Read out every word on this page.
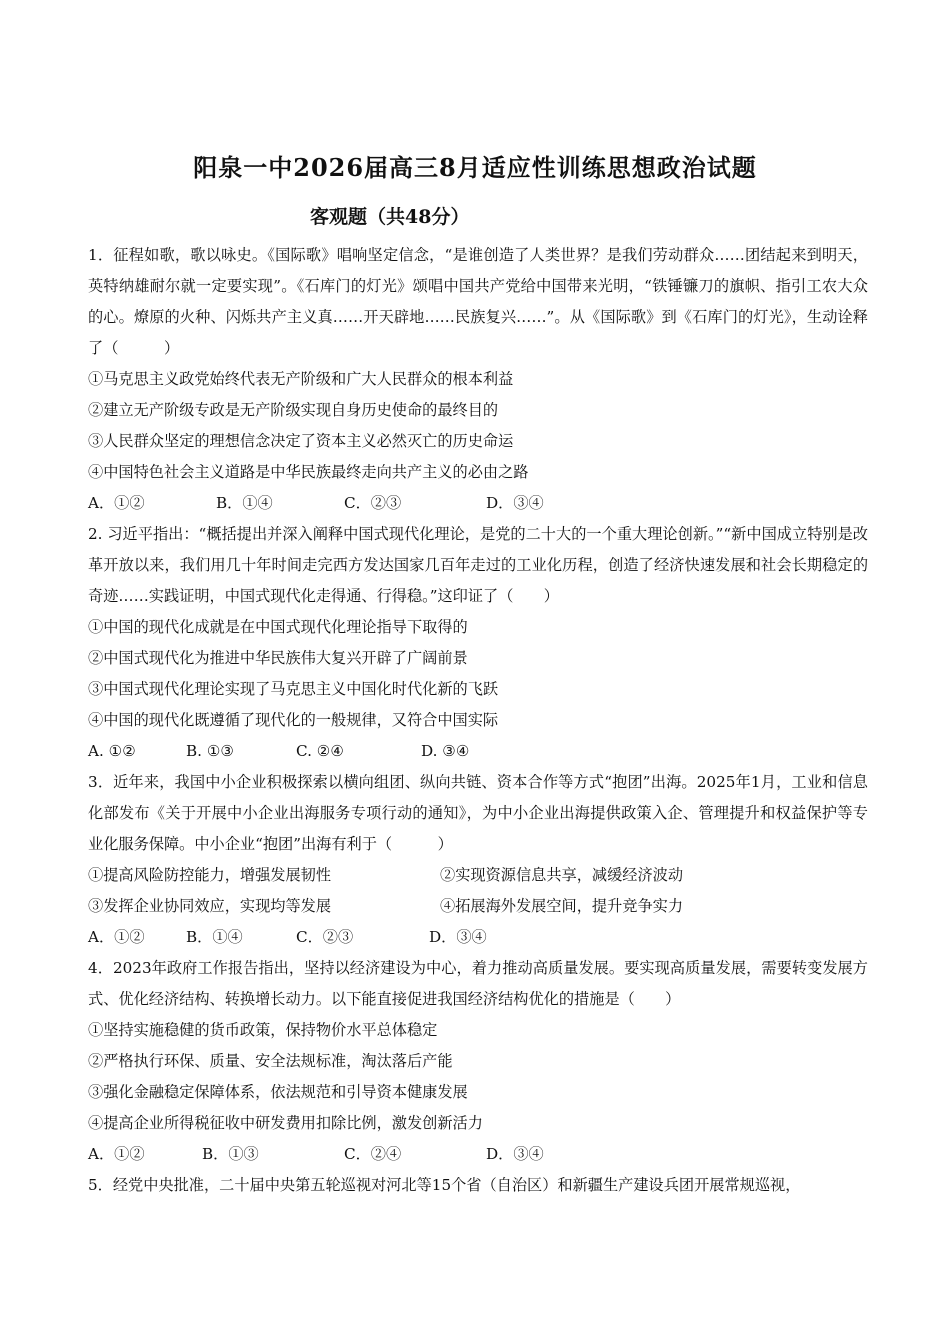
阳泉一中2026届高三8月适应性训练思想政治试题
客观题（共48分）

1．征程如歌，歌以咏史。《国际歌》唱响坚定信念，“是谁创造了人类世界？是我们劳动群众……团结起来到明天，英特纳雄耐尔就一定要实现”。《石库门的灯光》颂唱中国共产党给中国带来光明，“铁锤镰刀的旗帜、指引工农大众的心。燎原的火种、闪烁共产主义真……开天辟地……民族复兴……”。从《国际歌》到《石库门的灯光》，生动诠释了（　　　）

①马克思主义政党始终代表无产阶级和广大人民群众的根本利益

②建立无产阶级专政是无产阶级实现自身历史使命的最终目的

③人民群众坚定的理想信念决定了资本主义必然灭亡的历史命运

④中国特色社会主义道路是中华民族最终走向共产主义的必由之路

A．①②	B．①④	C．②③	D．③④

2. 习近平指出：“概括提出并深入阐释中国式现代化理论，是党的二十大的一个重大理论创新。”“新中国成立特别是改革开放以来，我们用几十年时间走完西方发达国家几百年走过的工业化历程，创造了经济快速发展和社会长期稳定的奇迹……实践证明，中国式现代化走得通、行得稳。”这印证了（　　）

①中国的现代化成就是在中国式现代化理论指导下取得的

②中国式现代化为推进中华民族伟大复兴开辟了广阔前景

③中国式现代化理论实现了马克思主义中国化时代化新的飞跃

④中国的现代化既遵循了现代化的一般规律，又符合中国实际

A. ①②	B. ①③	C. ②④	D. ③④

3．近年来，我国中小企业积极探索以横向组团、纵向共链、资本合作等方式“抱团”出海。2025年1月，工业和信息化部发布《关于开展中小企业出海服务专项行动的通知》，为中小企业出海提供政策入企、管理提升和权益保护等专业化服务保障。中小企业“抱团”出海有利于（　　　）

①提高风险防控能力，增强发展韧性	②实现资源信息共享，减缓经济波动

③发挥企业协同效应，实现均等发展	④拓展海外发展空间，提升竞争实力

A．①②	B．①④	C．②③	D．③④

4．2023年政府工作报告指出，坚持以经济建设为中心，着力推动高质量发展。要实现高质量发展，需要转变发展方式、优化经济结构、转换增长动力。以下能直接促进我国经济结构优化的措施是（　　）

①坚持实施稳健的货币政策，保持物价水平总体稳定

②严格执行环保、质量、安全法规标准，淘汰落后产能

③强化金融稳定保障体系，依法规范和引导资本健康发展

④提高企业所得税征收中研发费用扣除比例，激发创新活力

A．①②	B．①③	C．②④	D．③④

5．经党中央批准，二十届中央第五轮巡视对河北等15个省（自治区）和新疆生产建设兵团开展常规巡视，
